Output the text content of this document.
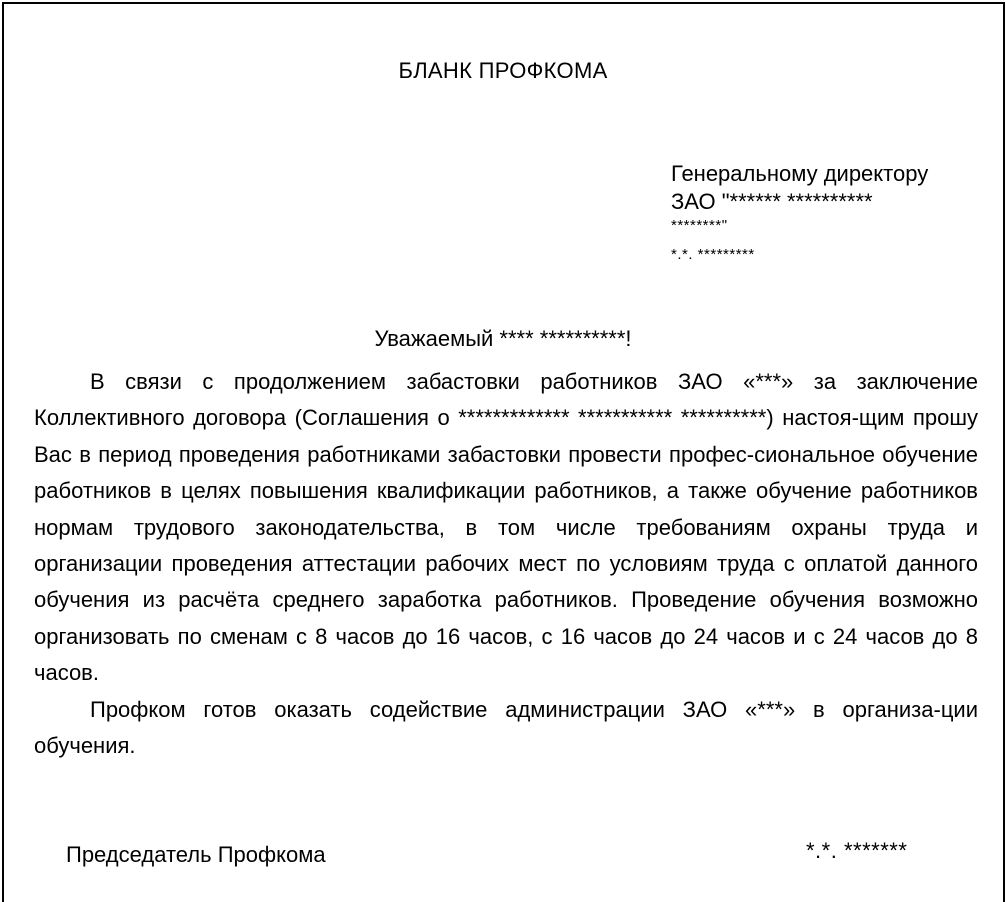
БЛАНК ПРОФКОМА
Генеральному директору
ЗАО "****** **********
********"
*.*. *********
Уважаемый **** **********!

В связи с продолжением забастовки работников ЗАО «***» за заключение Коллективного договора (Соглашения о ************* *********** **********) настоя-щим прошу Вас в период проведения работниками забастовки провести профес-сиональное обучение работников в целях повышения квалификации работников, а также обучение работников нормам трудового законодательства, в том числе требованиям охраны труда и организации проведения аттестации рабочих мест по условиям труда с оплатой данного обучения из расчёта среднего заработка работников. Проведение обучения возможно организовать по сменам с 8 часов до 16 часов, с 16 часов до 24 часов и с 24 часов до 8 часов.

Профком готов оказать содействие администрации ЗАО «***» в организа-ции обучения.

Председатель Профкома	*.*. *******
